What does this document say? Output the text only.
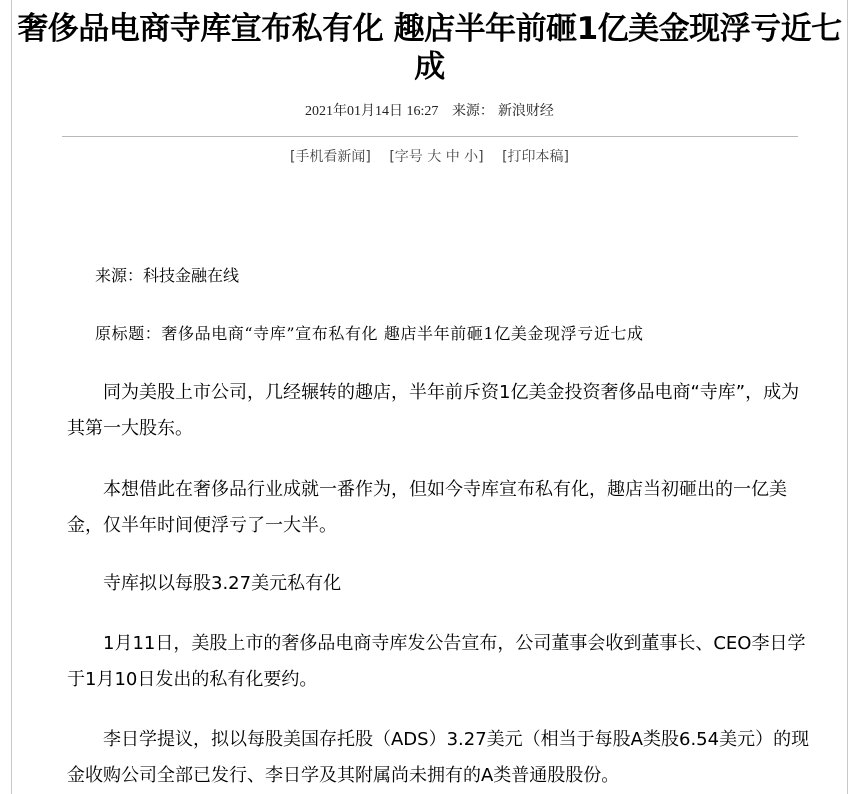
奢侈品电商寺库宣布私有化 趣店半年前砸1亿美金现浮亏近七成
2021年01月14日 16:27 来源： 新浪财经
[手机看新闻] [字号 大 中 小] [打印本稿]

来源：科技金融在线

原标题：奢侈品电商“寺库”宣布私有化 趣店半年前砸1亿美金现浮亏近七成

同为美股上市公司，几经辗转的趣店，半年前斥资1亿美金投资奢侈品电商“寺库”，成为其第一大股东。

本想借此在奢侈品行业成就一番作为，但如今寺库宣布私有化，趣店当初砸出的一亿美金，仅半年时间便浮亏了一大半。

寺库拟以每股3.27美元私有化

1月11日，美股上市的奢侈品电商寺库发公告宣布，公司董事会收到董事长、CEO李日学于1月10日发出的私有化要约。

李日学提议，拟以每股美国存托股（ADS）3.27美元（相当于每股A类股6.54美元）的现金收购公司全部已发行、李日学及其附属尚未拥有的A类普通股股份。
